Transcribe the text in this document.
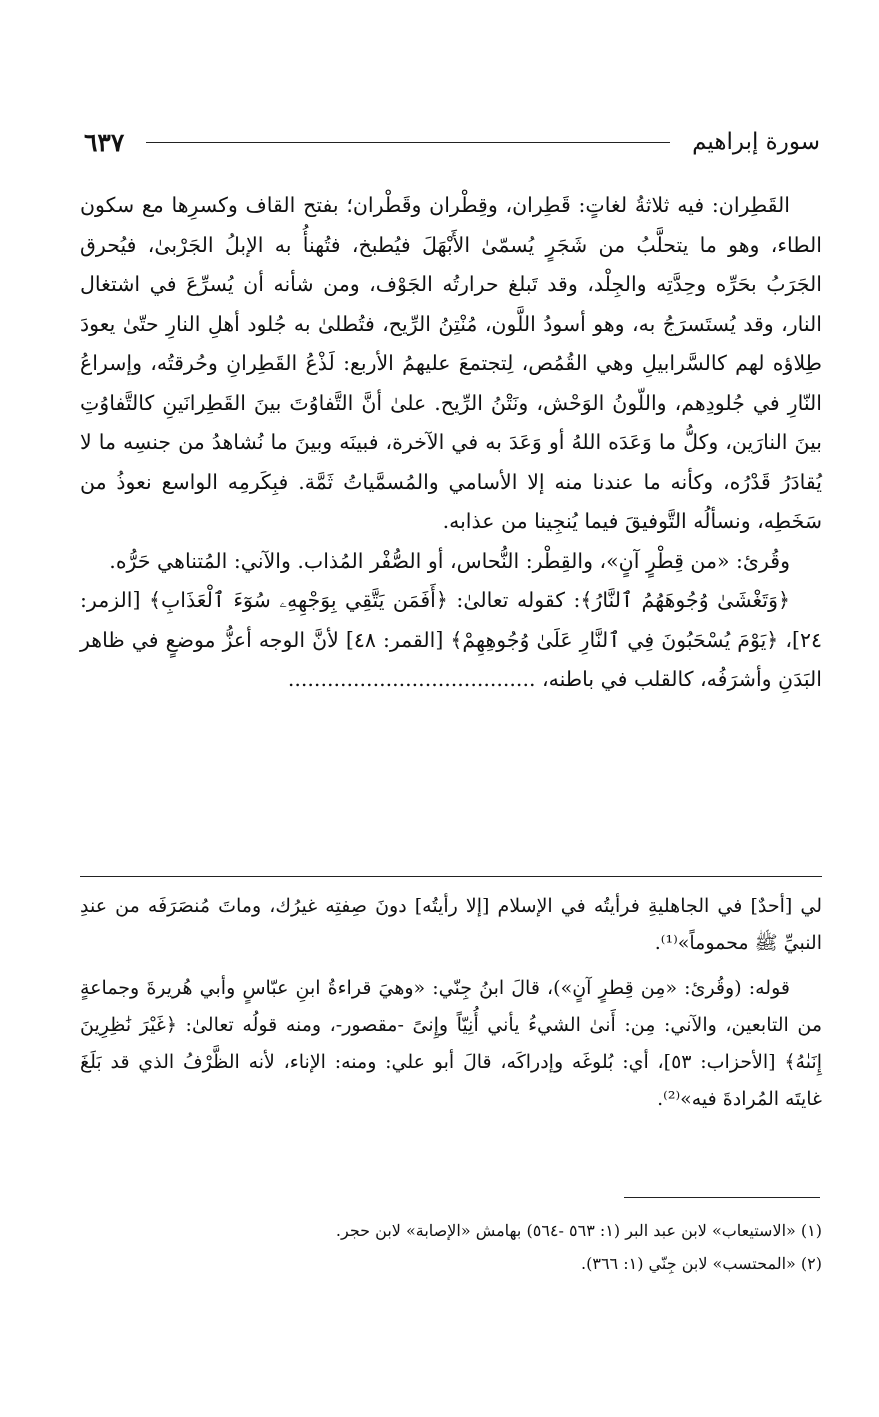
سورة إبراهيم
٦٣٧

القَطِران: فيه ثلاثةُ لغاتٍ: قَطِران، وقِطْران وقَطْران؛ بفتح القاف وكسرِها مع سكون الطاء، وهو ما يتحلَّبُ من شَجَرٍ يُسمّىٰ الأَبْهَلَ فيُطبخ، فتُهنأُ به الإبلُ الجَرْبىٰ، فيُحرق الجَرَبُ بحَرِّه وحِدَّتِه والجِلْد، وقد تَبلغ حرارتُه الجَوْف، ومن شأنه أن يُسرِّعَ في اشتغال النار، وقد يُستَسرَجُ به، وهو أسودُ اللَّون، مُنْتِنُ الرِّيح، فتُطلىٰ به جُلود أهلِ النارِ حتّىٰ يعودَ طِلاؤه لهم كالسَّرابيلِ وهي القُمُص، لِتجتمعَ عليهمُ الأربع: لَذْعُ القَطِرانِ وحُرقتُه، وإسراعُ النّارِ في جُلودِهم، واللّونُ الوَحْش، ونَتْنُ الرِّيح. علىٰ أنَّ التَّفاوُتَ بينَ القَطِرانَينِ كالتَّفاوُتِ بينَ النارَين، وكلُّ ما وَعَدَه اللهُ أو وَعَدَ به في الآخرة، فبينَه وبينَ ما نُشاهدُ من جنسِه ما لا يُقادَرُ قَدْرُه، وكأنه ما عندنا منه إلا الأسامي والمُسمَّياتُ ثَمَّة. فبِكَرمِه الواسع نعوذُ من سَخَطِه، ونسألُه التَّوفيقَ فيما يُنجِينا من عذابه.

وقُرئ: «من قِطْرٍ آنٍ»، والقِطْر: النُّحاس، أو الصُّفْر المُذاب. والآني: المُتناهي حَرُّه.

﴿وَتَغْشَىٰ وُجُوهَهُمُ ٱلنَّارُ﴾: كقوله تعالىٰ: ﴿أَفَمَن يَتَّقِي بِوَجْهِهِۦ سُوٓءَ ٱلْعَذَابِ﴾ [الزمر: ٢٤]، ﴿يَوْمَ يُسْحَبُونَ فِي ٱلنَّارِ عَلَىٰ وُجُوهِهِمْ﴾ [القمر: ٤٨] لأنَّ الوجه أعزُّ موضعٍ في ظاهر البَدَنِ وأشرَفُه، كالقلب في باطنه، ......................................

لي [أحدٌ] في الجاهليةِ فرأيتُه في الإسلام [إلا رأيتُه] دونَ صِفتِه غيرُك، وماتَ مُنصَرَفَه من عندِ النبيِّ ﷺ محموماً»⁽¹⁾.

قوله: (وقُرئ: «مِن قِطرٍ آنٍ»)، قالَ ابنُ جِنّي: «وهيَ قراءةُ ابنِ عبّاسٍ وأبي هُريرةَ وجماعةٍ من التابعين، والآني: مِن: أَنىٰ الشيءُ يأني أُنِيّاً وإِنىً -مقصور-، ومنه قولُه تعالىٰ: ﴿غَيْرَ نَٰظِرِينَ إِنَىٰهُ﴾ [الأحزاب: ٥٣]، أي: بُلوغَه وإدراكَه، قالَ أبو علي: ومنه: الإناء، لأنه الظَّرْفُ الذي قد بَلَغَ غايتَه المُرادةَ فيه»⁽²⁾.

(١) «الاستيعاب» لابن عبد البر (١: ٥٦٣ -٥٦٤) بهامش «الإصابة» لابن حجر.

(٢) «المحتسب» لابن جِنّي (١: ٣٦٦).
